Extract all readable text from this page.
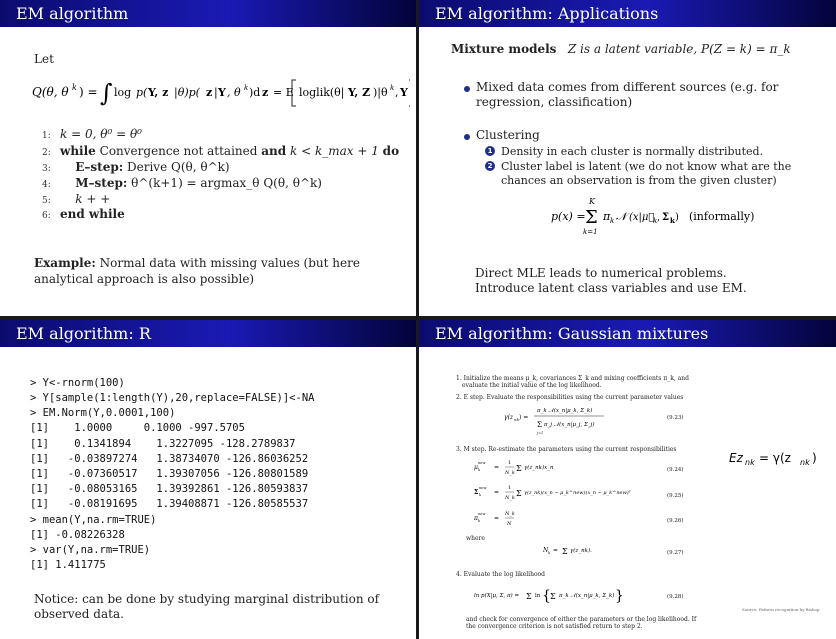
EM algorithm
Let
Q(θ, θ k ) = ∫ log p( Y, z |θ)p( z | Y , θ k )d z = E loglik(θ| Y, Z )|θ k , Y
1: k = 0, θ⁰ = θ⁰
2: while Convergence not attained and k < k_max + 1 do
3: E–step: Derive Q(θ, θ^k)
4: M–step: θ^(k+1) = argmax_θ Q(θ, θ^k)
5: k + +
6: end while
Example: Normal data with missing values (but here
analytical approach is also possible)
EM algorithm: Applications
Mixture models Z is a latent variable, P(Z = k) = π_k
Mixed data comes from different sources (e.g. for
regression, classification)
Clustering
1 Density in each cluster is normally distributed.
2 Cluster label is latent (we do not know what are the
chances an observation is from the given cluster)
p(x) =
K
Σ
k=1
π k 𝒩 (x|μ⃗
k , Σ k ) (informally)
Direct MLE leads to numerical problems.
Introduce latent class variables and use EM.
EM algorithm: R
> Y<-rnorm(100)
> Y[sample(1:length(Y),20,replace=FALSE)]<-NA
> EM.Norm(Y,0.0001,100)
[1]    1.0000     0.1000 -997.5705
[1]    0.1341894    1.3227095 -128.2789837
[1]   -0.03897274   1.38734070 -126.86036252
[1]   -0.07360517   1.39307056 -126.80801589
[1]   -0.08053165   1.39392861 -126.80593837
[1]   -0.08191695   1.39408871 -126.80585537
> mean(Y,na.rm=TRUE)
[1] -0.08226328
> var(Y,na.rm=TRUE)
[1] 1.411775
Notice: can be done by studying marginal distribution of
observed data.
EM algorithm: Gaussian mixtures
1. Initialize the means μ_k, covariances Σ_k and mixing coefficients π_k, and
evaluate the initial value of the log likelihood.
2. E step. Evaluate the responsibilities using the current parameter values
γ(z nk ) =
π_k 𝒩(x_n|μ_k, Σ_k)
Σ π_j 𝒩(x_n|μ_j, Σ_j)
j=1
(9.23)
3. M step. Re-estimate the parameters using the current responsibilities
μ
new
k =
1
N_k Σ γ(z_nk)x_n
Σ
new
k =
1
N_k Σ γ(z_nk)(x_n − μ_k^new)(x_n − μ_k^new)ᵀ
π
new
k =
N_k
N
(9.24)
(9.25)
(9.26)
where
N k = Σ γ(z_nk).	(9.27)
4. Evaluate the log likelihood
ln p(X|μ, Σ, π) = Σ ln { Σ π_k 𝒩(x_n|μ_k, Σ_k) }	(9.28)
and check for convergence of either the parameters or the log likelihood. If
the convergence criterion is not satisfied return to step 2.
Source: Pattern recognition by Bishop
Ez nk = γ(z nk )
